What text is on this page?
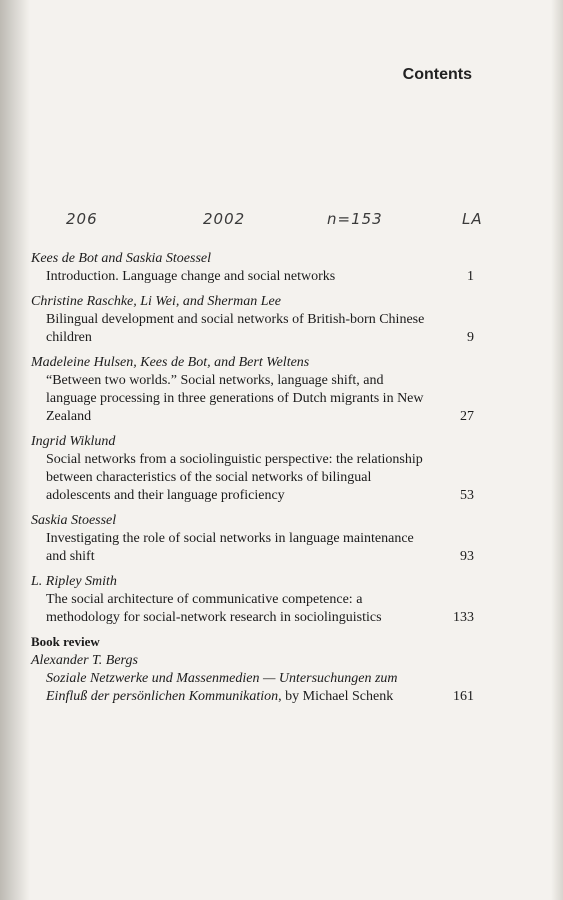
Contents
206	2002	n=153	LA
Kees de Bot and Saskia Stoessel
Introduction. Language change and social networks	1
Christine Raschke, Li Wei, and Sherman Lee
Bilingual development and social networks of British-born Chinese children	9
Madeleine Hulsen, Kees de Bot, and Bert Weltens
“Between two worlds.” Social networks, language shift, and language processing in three generations of Dutch migrants in New Zealand	27
Ingrid Wiklund
Social networks from a sociolinguistic perspective: the relationship between characteristics of the social networks of bilingual adolescents and their language proficiency	53
Saskia Stoessel
Investigating the role of social networks in language maintenance and shift	93
L. Ripley Smith
The social architecture of communicative competence: a methodology for social-network research in sociolinguistics	133
Book review
Alexander T. Bergs
Soziale Netzwerke und Massenmedien — Untersuchungen zum Einfluß der persönlichen Kommunikation, by Michael Schenk	161
